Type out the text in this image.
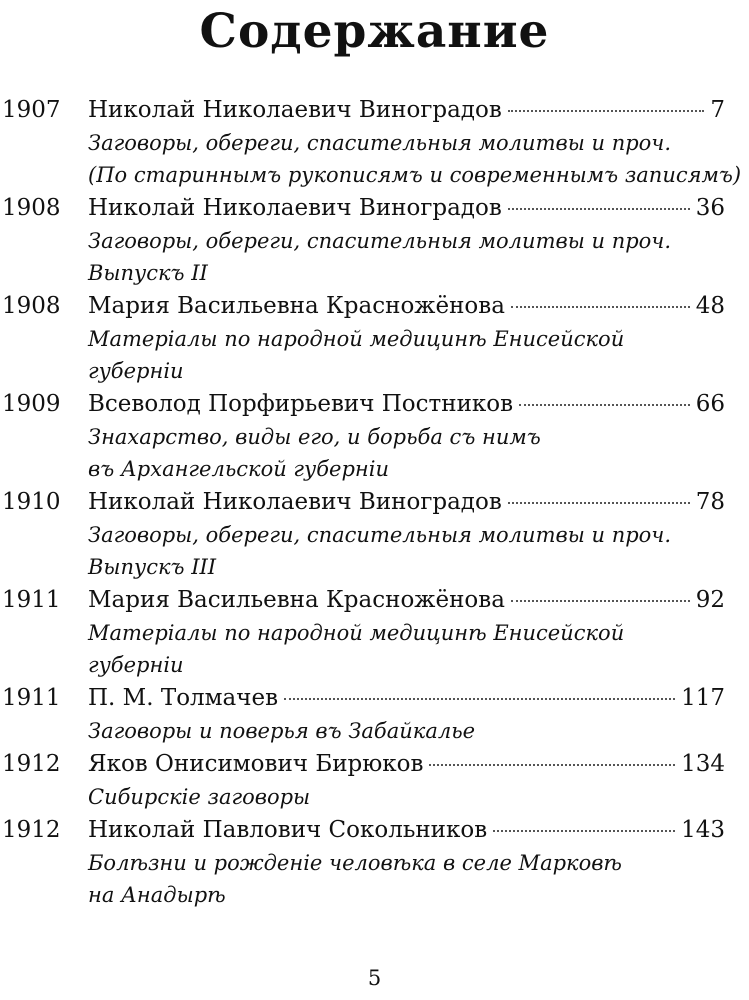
Содержание
1907	Николай Николаевич Виноградов	7
Заговоры, обереги, спасительныя молитвы и проч.
(По стариннымъ рукописямъ и современнымъ записямъ)
1908	Николай Николаевич Виноградов	36
Заговоры, обереги, спасительныя молитвы и проч.
Выпускъ II
1908	Мария Васильевна Красножёнова	48
Матеріалы по народной медицинѣ Енисейской
губерніи
1909	Всеволод Порфирьевич Постников	66
Знахарство, виды его, и борьба съ нимъ
въ Архангельской губерніи
1910	Николай Николаевич Виноградов	78
Заговоры, обереги, спасительныя молитвы и проч.
Выпускъ III
1911	Мария Васильевна Красножёнова	92
Матеріалы по народной медицинѣ Енисейской
губерніи
1911	П. М. Толмачев	117
Заговоры и поверья въ Забайкалье
1912	Яков Онисимович Бирюков	134
Сибирскіе заговоры
1912	Николай Павлович Сокольников	143
Болѣзни и рожденіе человѣка в селе Марковѣ
на Анадырѣ
5
